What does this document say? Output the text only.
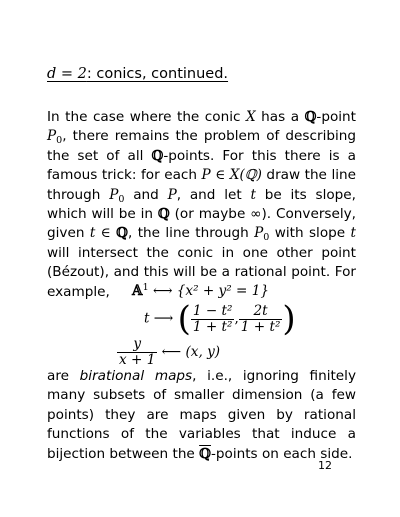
d = 2: conics, continued.

In the case where the conic X has a ℚ-point $P_0$, there remains the problem of describing the set of all ℚ-points. For this there is a famous trick: for each P ∈ X(ℚ) draw the line through $P_0$ and P, and let t be its slope, which will be in ℚ (or maybe ∞). Conversely, given t ∈ ℚ, the line through $P_0$ with slope t will intersect the conic in one other point (Bézout), and this will be a rational point. For example,	𝔸$^1$ ⟷ {x² + y² = 1}
t ⟶ ( $\frac{\text{1 − t²}}{\text{1 + t²}}$ , $\frac{2t}{\text{1 + t²}}$ )
$\frac{y}{x + 1}$ ⟵ (x, y)
are birational maps, i.e., ignoring finitely many subsets of smaller dimension (a few points) they are maps given by rational functions of the variables that induce a bijection between the ℚ-points on each side.
12
